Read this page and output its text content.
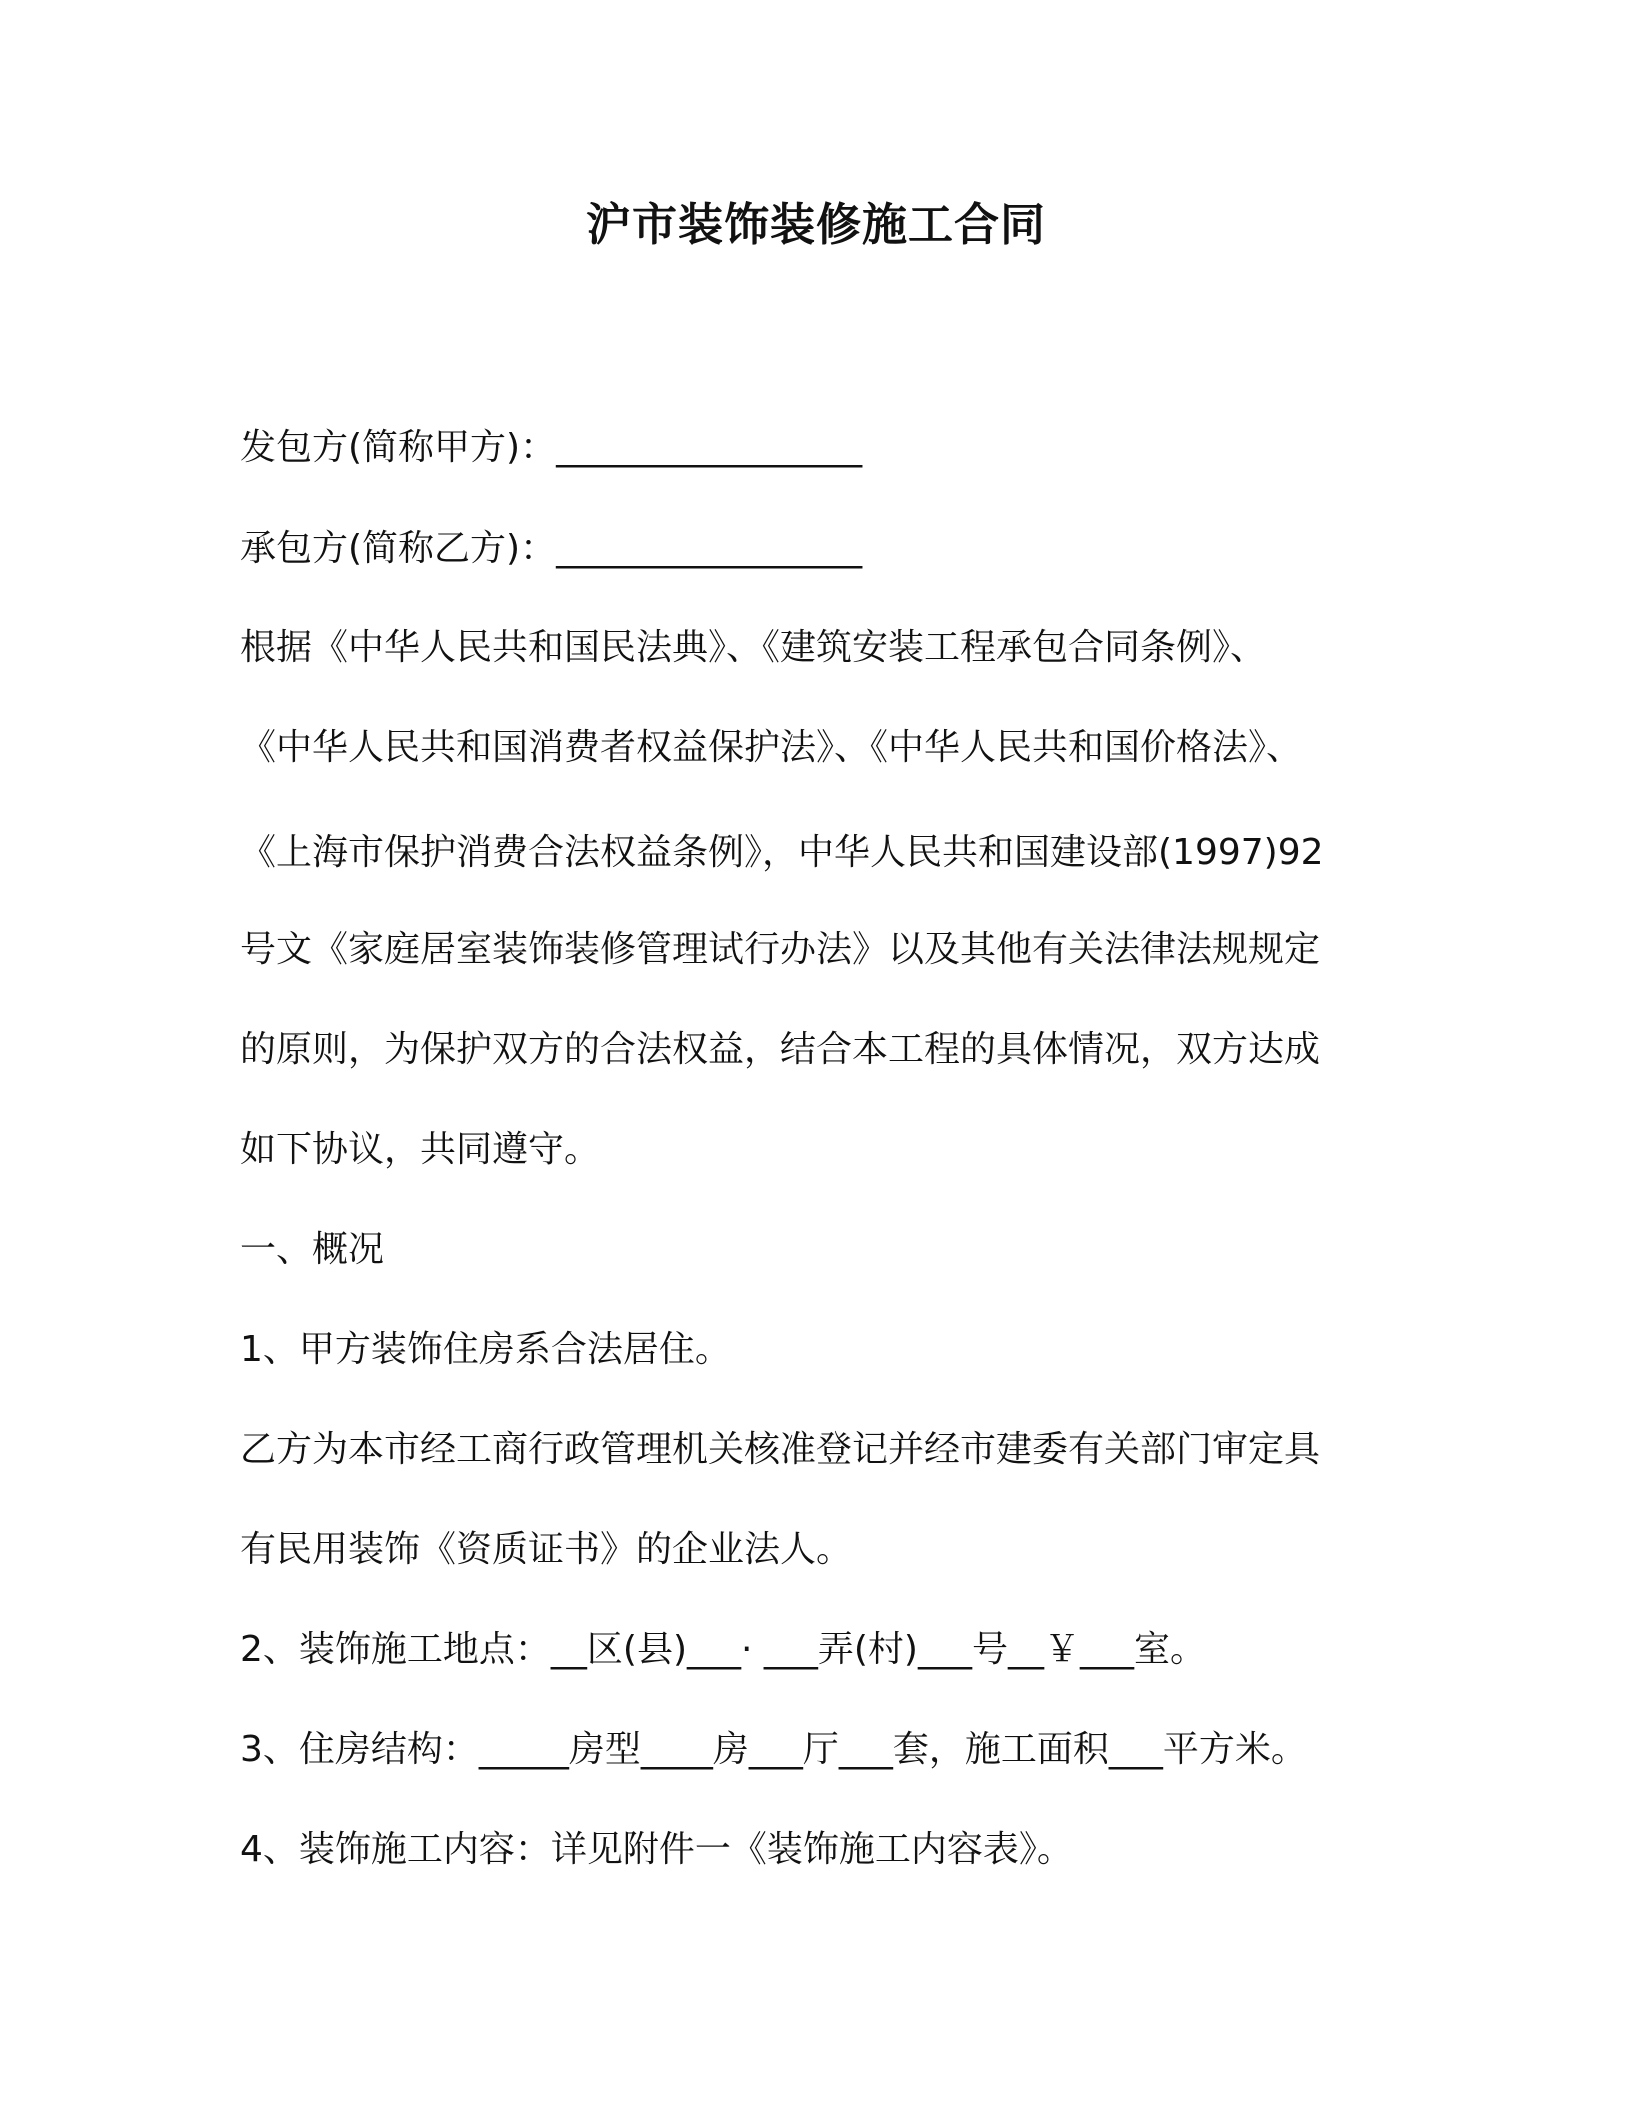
沪市装饰装修施工合同
发包方(简称甲方)：_________________
承包方(简称乙方)：_________________
根据《中华人民共和国民法典》、《建筑安装工程承包合同条例》、
《中华人民共和国消费者权益保护法》、《中华人民共和国价格法》、
《上海市保护消费合法权益条例》，中华人民共和国建设部(1997)92
号文《家庭居室装饰装修管理试行办法》以及其他有关法律法规规定
的原则，为保护双方的合法权益，结合本工程的具体情况，双方达成
如下协议，共同遵守。
一、概况
1、甲方装饰住房系合法居住。
乙方为本市经工商行政管理机关核准登记并经市建委有关部门审定具
有民用装饰《资质证书》的企业法人。
2、装饰施工地点：__区(县)___· ___弄(村)___号__￥___室。
3、住房结构：_____房型____房___厅___套，施工面积___平方米。
4、装饰施工内容：详见附件一《装饰施工内容表》。
